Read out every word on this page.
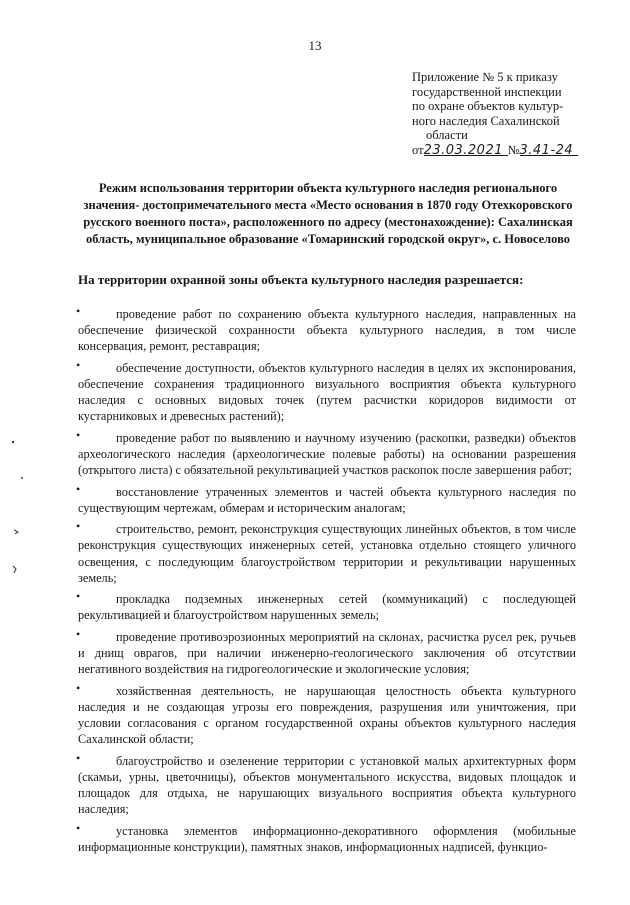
13
Приложение № 5 к приказу
государственной инспекции
по охране объектов культур-
ного наследия Сахалинской
области
от23.03.2021 №3.41-24
Режим использования территории объекта культурного наследия регионального значения- достопримечательного места «Место основания в 1870 году Отехкоровского русского военного поста», расположенного по адресу (местонахождение): Сахалинская область, муниципальное образование «Томаринский городской округ», с. Новоселово
На территории охранной зоны объекта культурного наследия разрешается:
•	проведение работ по сохранению объекта культурного наследия, направленных на обеспечение физической сохранности объекта культурного наследия, в том числе консервация, ремонт, реставрация;
•	обеспечение доступности, объектов культурного наследия в целях их экспонирования, обеспечение сохранения традиционного визуального восприятия объекта культурного наследия с основных видовых точек (путем расчистки коридоров видимости от кустарниковых и древесных растений);
•	проведение работ по выявлению и научному изучению (раскопки, разведки) объектов археологического наследия (археологические полевые работы) на основании разрешения (открытого листа) с обязательной рекультивацией участков раскопок после завершения работ;
•	восстановление утраченных элементов и частей объекта культурного наследия по существующим чертежам, обмерам и историческим аналогам;
•	строительство, ремонт, реконструкция существующих линейных объектов, в том числе реконструкция существующих инженерных сетей, установка отдельно стоящего уличного освещения, с последующим благоустройством территории и рекультивации нарушенных земель;
•	прокладка подземных инженерных сетей (коммуникаций) с последующей рекультивацией и благоустройством нарушенных земель;
•	проведение противоэрозионных мероприятий на склонах, расчистка русел рек, ручьев и днищ оврагов, при наличии инженерно-геологического заключения об отсутствии негативного воздействия на гидрогеологические и экологические условия;
•	хозяйственная деятельность, не нарушающая целостность объекта культурного наследия и не создающая угрозы его повреждения, разрушения или уничтожения, при условии согласования с органом государственной охраны объектов культурного наследия Сахалинской области;
•	благоустройство и озеленение территории с установкой малых архитектурных форм (скамьи, урны, цветочницы), объектов монументального искусства, видовых площадок и площадок для отдыха, не нарушающих визуального восприятия объекта культурного наследия;
•	установка элементов информационно-декоративного оформления (мобильные информационные конструкции), памятных знаков, информационных надписей, функцио-
